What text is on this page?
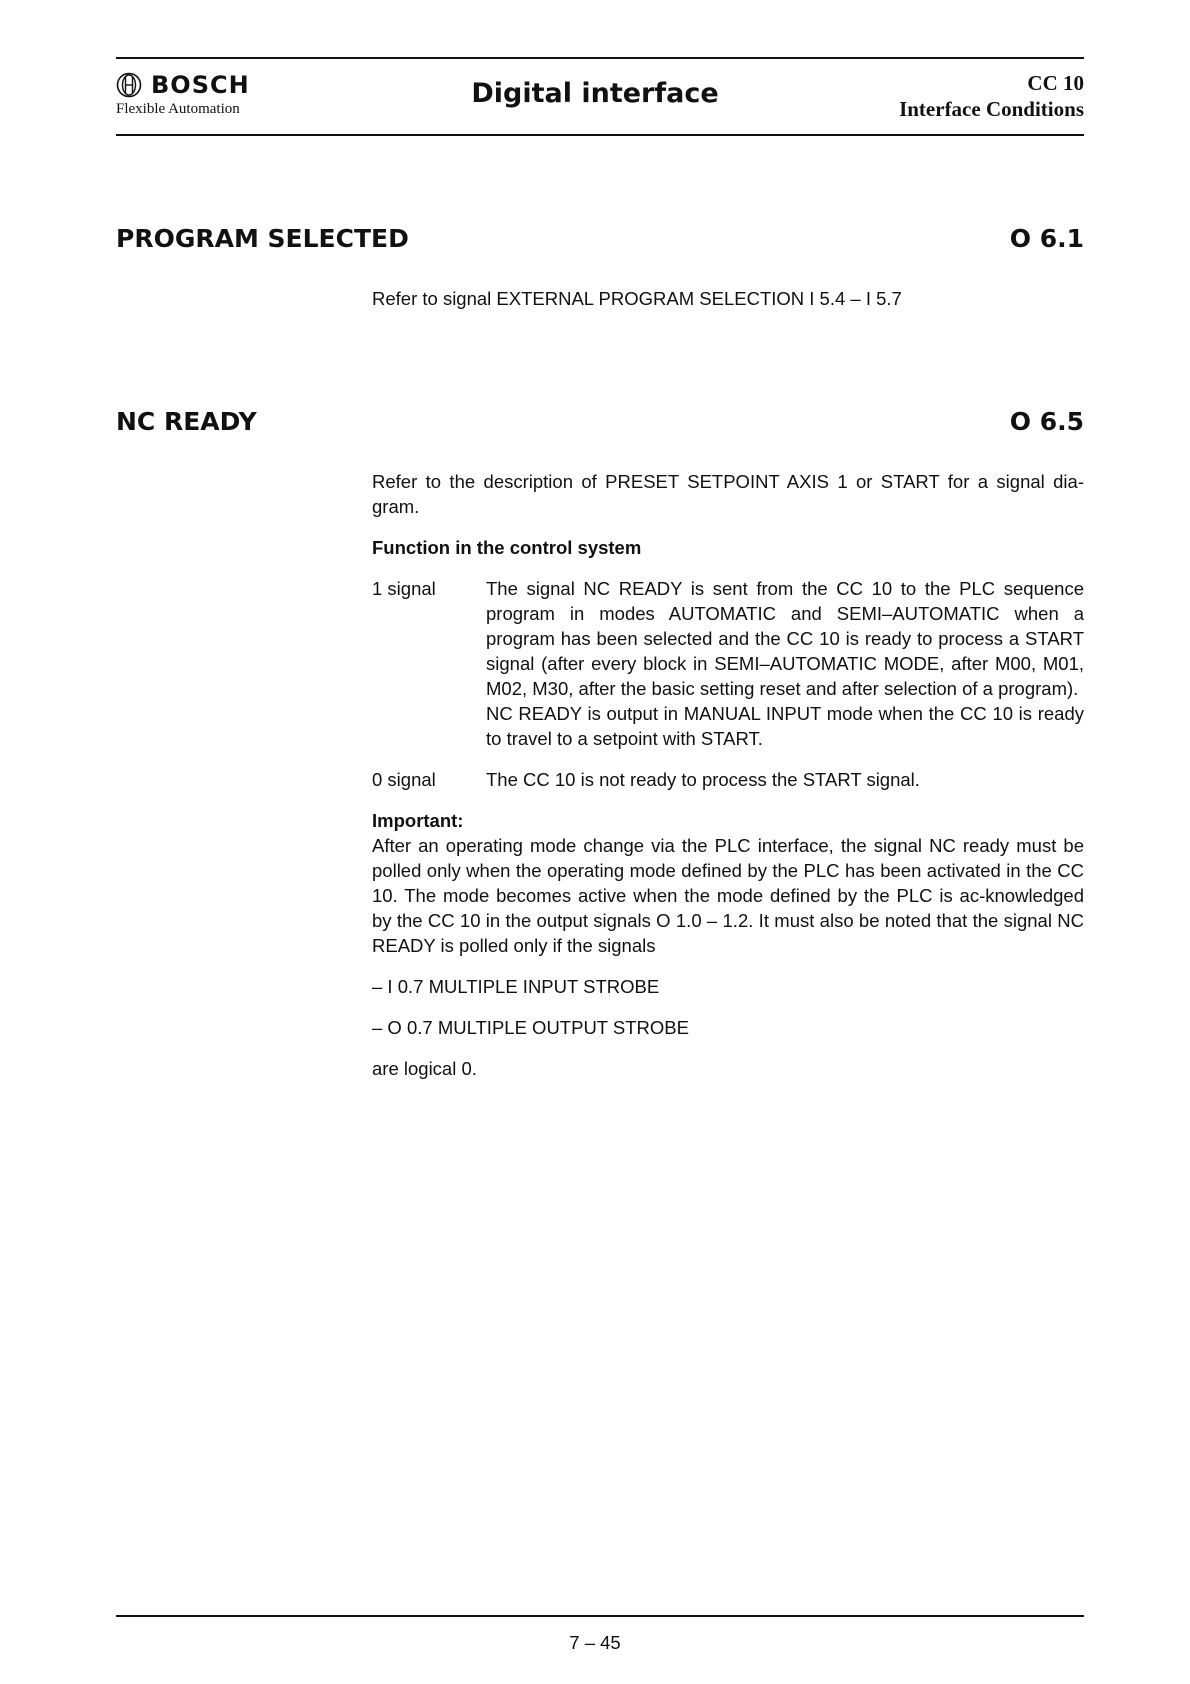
BOSCH
Flexible Automation	Digital interface	CC 10
Interface Conditions
PROGRAM SELECTED	O 6.1

Refer to signal EXTERNAL PROGRAM SELECTION I 5.4 – I 5.7

NC READY	O 6.5

Refer to the description of PRESET SETPOINT AXIS 1 or START for a signal dia-gram.

Function in the control system

1 signal	The signal NC READY is sent from the CC 10 to the PLC sequence program in modes AUTOMATIC and SEMI–AUTOMATIC when a program has been selected and the CC 10 is ready to process a START signal (after every block in SEMI–AUTOMATIC MODE, after M00, M01, M02, M30, after the basic setting reset and after selection of a program).

NC READY is output in MANUAL INPUT mode when the CC 10 is ready to travel to a setpoint with START.

0 signal	The CC 10 is not ready to process the START signal.

Important:

After an operating mode change via the PLC interface, the signal NC ready must be polled only when the operating mode defined by the PLC has been activated in the CC 10. The mode becomes active when the mode defined by the PLC is ac-knowledged by the CC 10 in the output signals O 1.0 – 1.2. It must also be noted that the signal NC READY is polled only if the signals

– I 0.7 MULTIPLE INPUT STROBE

– O 0.7 MULTIPLE OUTPUT STROBE

are logical 0.

7 – 45
